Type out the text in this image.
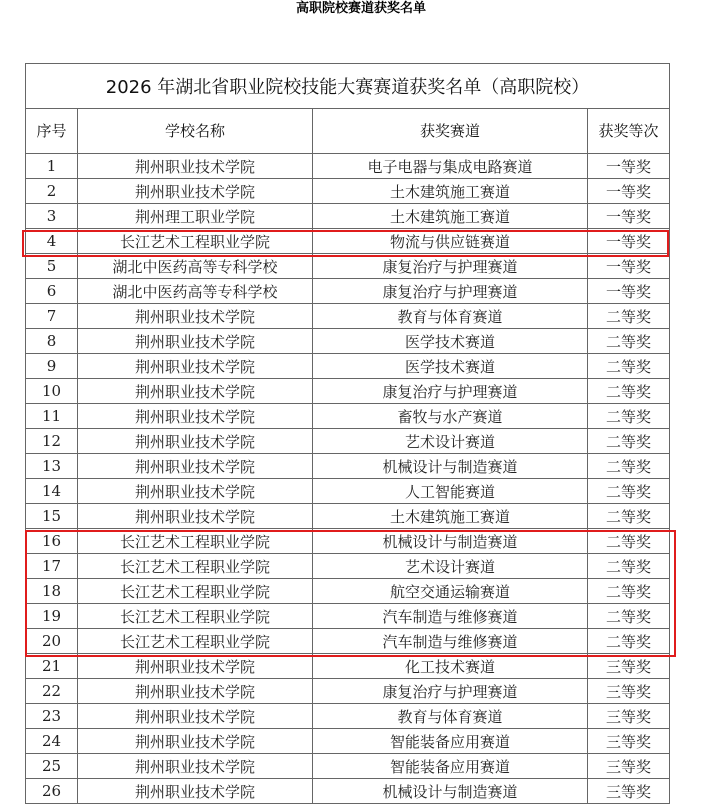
高职院校赛道获奖名单
2026 年湖北省职业院校技能大赛赛道获奖名单（高职院校）			
序号	学校名称	获奖赛道	获奖等次
1	荆州职业技术学院	电子电器与集成电路赛道	一等奖
2	荆州职业技术学院	土木建筑施工赛道	一等奖
3	荆州理工职业学院	土木建筑施工赛道	一等奖
4	长江艺术工程职业学院	物流与供应链赛道	一等奖
5	湖北中医药高等专科学校	康复治疗与护理赛道	一等奖
6	湖北中医药高等专科学校	康复治疗与护理赛道	一等奖
7	荆州职业技术学院	教育与体育赛道	二等奖
8	荆州职业技术学院	医学技术赛道	二等奖
9	荆州职业技术学院	医学技术赛道	二等奖
10	荆州职业技术学院	康复治疗与护理赛道	二等奖
11	荆州职业技术学院	畜牧与水产赛道	二等奖
12	荆州职业技术学院	艺术设计赛道	二等奖
13	荆州职业技术学院	机械设计与制造赛道	二等奖
14	荆州职业技术学院	人工智能赛道	二等奖
15	荆州职业技术学院	土木建筑施工赛道	二等奖
16	长江艺术工程职业学院	机械设计与制造赛道	二等奖
17	长江艺术工程职业学院	艺术设计赛道	二等奖
18	长江艺术工程职业学院	航空交通运输赛道	二等奖
19	长江艺术工程职业学院	汽车制造与维修赛道	二等奖
20	长江艺术工程职业学院	汽车制造与维修赛道	二等奖
21	荆州职业技术学院	化工技术赛道	三等奖
22	荆州职业技术学院	康复治疗与护理赛道	三等奖
23	荆州职业技术学院	教育与体育赛道	三等奖
24	荆州职业技术学院	智能装备应用赛道	三等奖
25	荆州职业技术学院	智能装备应用赛道	三等奖
26	荆州职业技术学院	机械设计与制造赛道	三等奖
